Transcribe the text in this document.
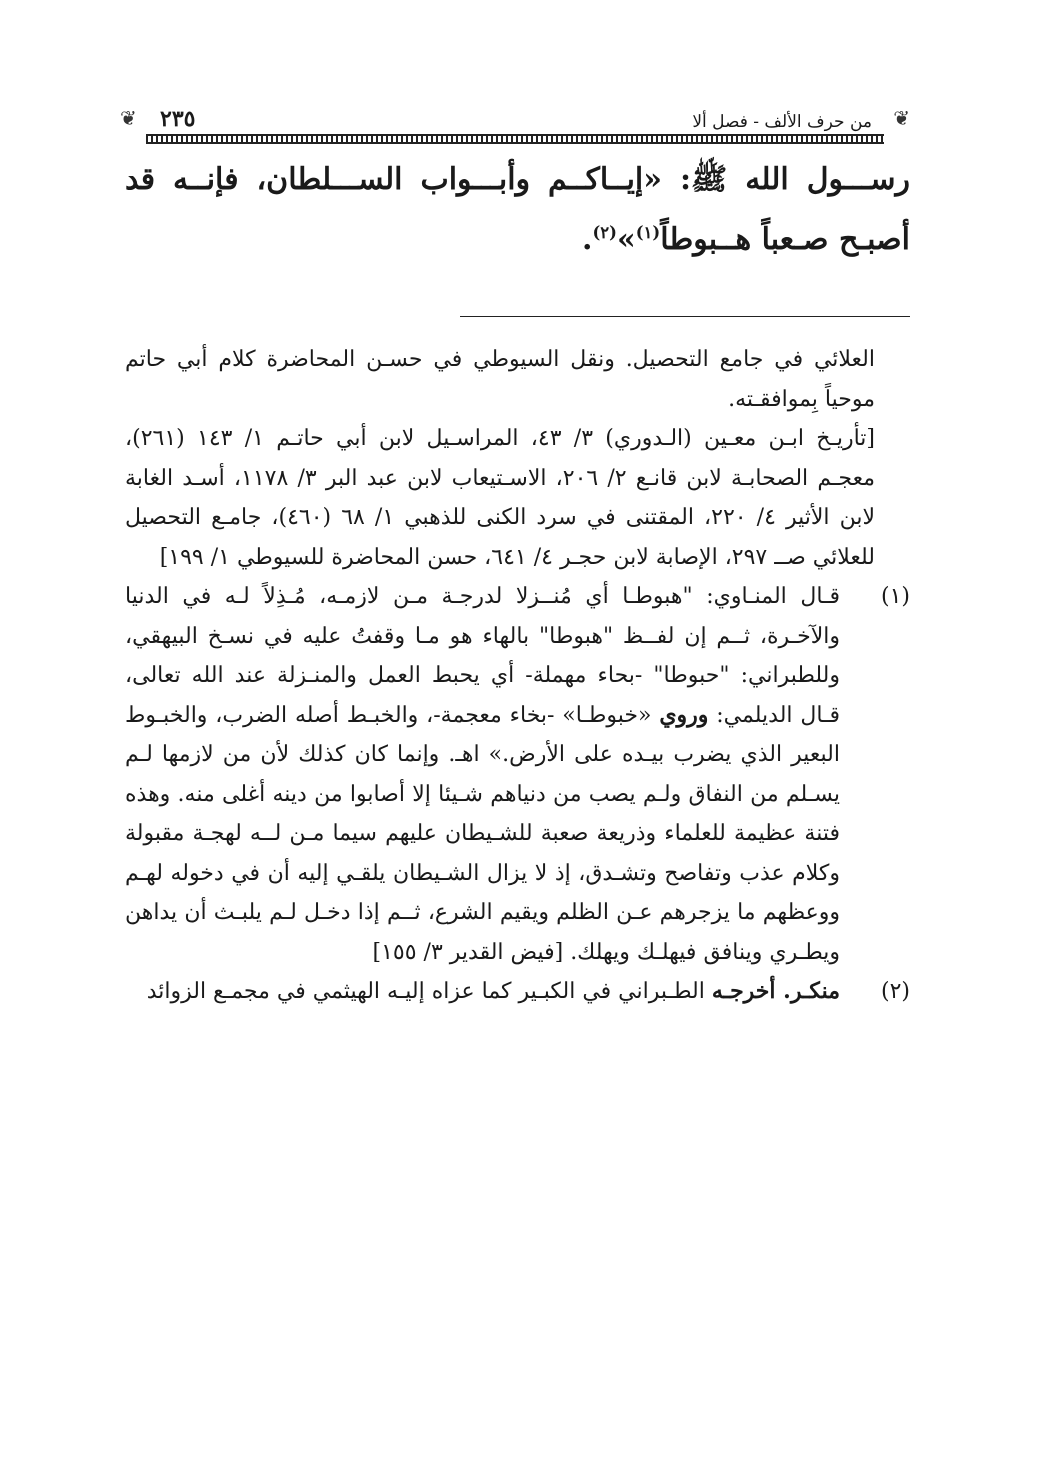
❦
من حرف الألف - فصل ألا
٢٣٥
❦

رســـول الله ﷺ: «إيــاكــم وأبـــواب الســـلطان، فإنــه قد أصبـح صـعباً هــبوطاً$^{(١)}$»$^{(٢)}$.

العلائي في جامع التحصيل. ونقل السيوطي في حسـن المحاضرة كلام أبي حاتم موحياً بِموافقـته.

[تأريـخ ابـن معـين (الـدوري) ٣/ ٤٣، المراسـيل لابن أبي حاتـم ١/ ١٤٣ (٢٦١)، معجـم الصحابـة لابن قانـع ٢/ ٢٠٦، الاسـتيعاب لابن عبد البر ٣/ ١١٧٨، أسـد الغابة لابن الأثير ٤/ ٢٢٠، المقتنى في سرد الكنى للذهبي ١/ ٦٨ (٤٦٠)، جامـع التحصيل للعلائي صــ ٢٩٧، الإصابة لابن حجـر ٤/ ٦٤١، حسن المحاضرة للسيوطي ١/ ١٩٩]

(١)
قـال المنـاوي: "هبوطـا أي مُنــزلا لدرجـة مـن لازمـه، مُـذِلاً لـه في الدنيا والآخـرة، ثــم إن لفــظ "هبوطا" بالهاء هو مـا وقفتُ عليه في نسـخ البيهقي، وللطبراني: "حبوطا" -بحاء مهملة- أي يحبط العمل والمنـزلة عند الله تعالى، قـال الديلمي: وروي «خبوطـا» -بخاء معجمة-، والخبـط أصله الضرب، والخبـوط البعير الذي يضرب بيـده على الأرض.» اهـ. وإنما كان كذلك لأن من لازمها لـم يسـلم من النفاق ولـم يصب من دنياهم شـيئا إلا أصابوا من دينه أغلى منه. وهذه فتنة عظيمة للعلماء وذريعة صعبة للشـيطان عليهم سيما مـن لــه لهجـة مقبولة وكلام عذب وتفاصح وتشـدق، إذ لا يزال الشـيطان يلقـي إليه أن في دخوله لهـم ووعظهم ما يزجرهم عـن الظلم ويقيم الشرع، ثــم إذا دخـل لـم يلبـث أن يداهن ويطـري وينافق فيهلـك ويهلك. [فيض القدير ٣/ ١٥٥]

(٢)
منكـر. أخرجـه الطـبراني في الكبـير كما عزاه إليـه الهيثمي في مجمـع الزوائد
